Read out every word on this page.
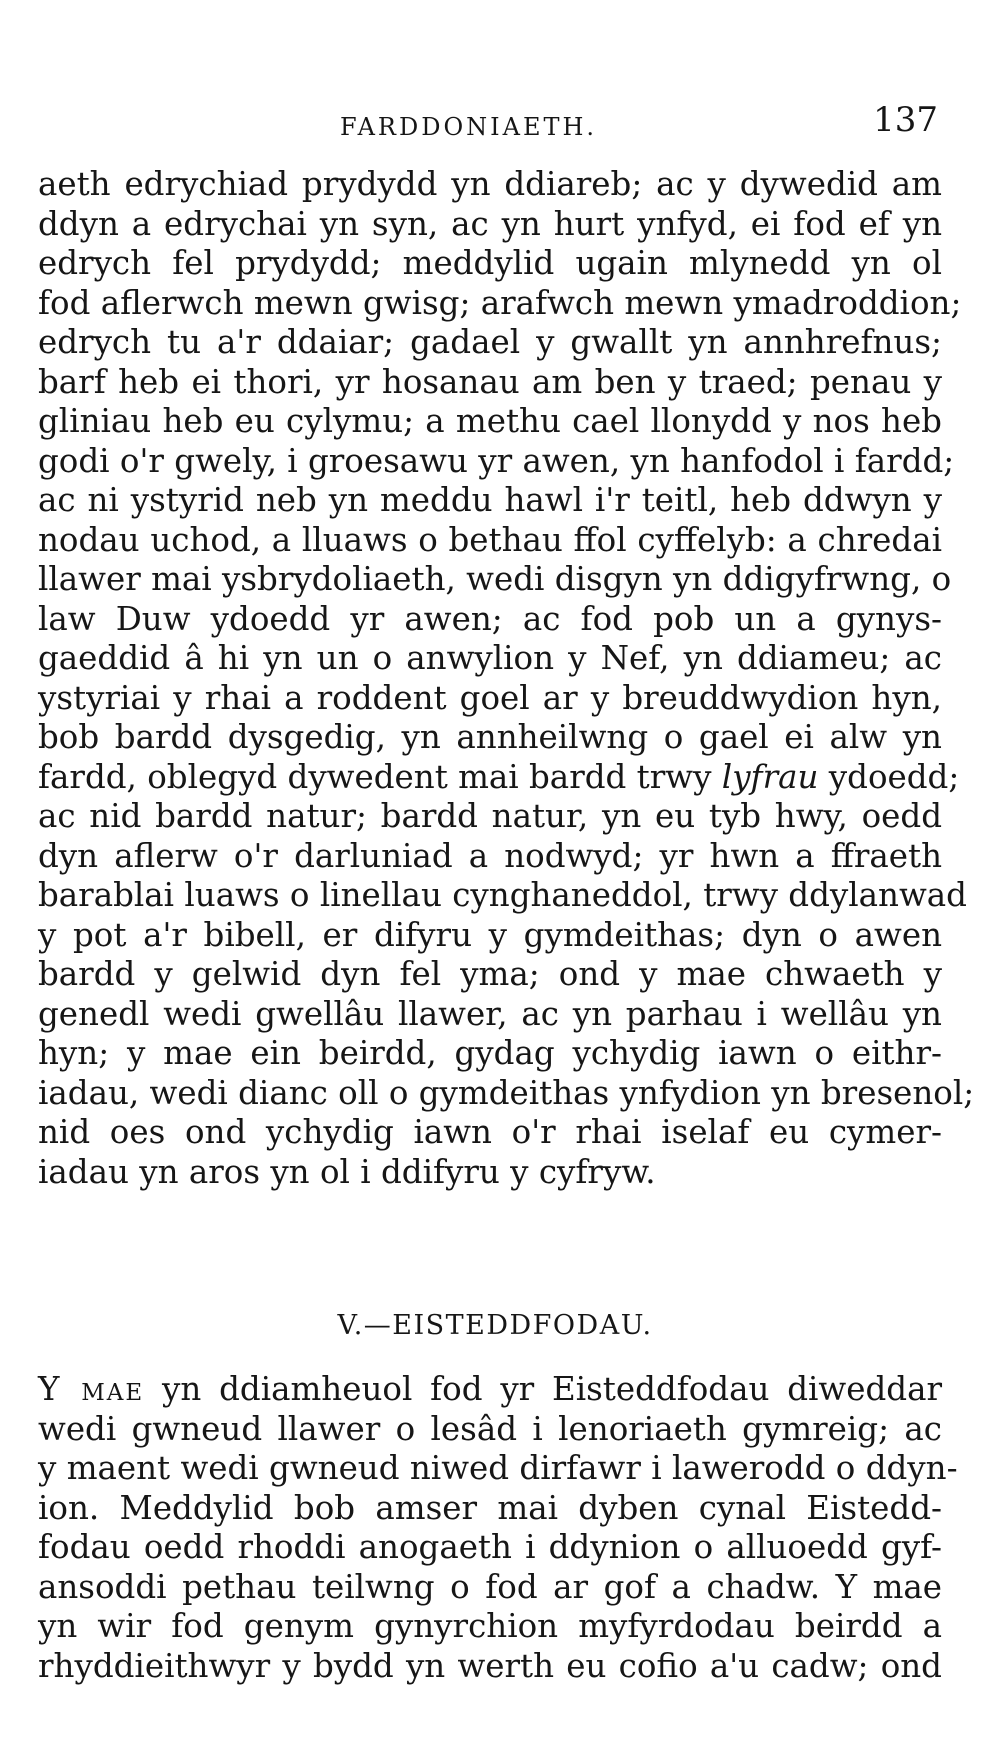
FARDDONIAETH.	137
aeth edrychiad prydydd yn ddiareb; ac y dywedid am
ddyn a edrychai yn syn, ac yn hurt ynfyd, ei fod ef yn
edrych fel prydydd; meddylid ugain mlynedd yn ol
fod aflerwch mewn gwisg; arafwch mewn ymadroddion;
edrych tu a'r ddaiar; gadael y gwallt yn annhrefnus;
barf heb ei thori, yr hosanau am ben y traed; penau y
gliniau heb eu cylymu; a methu cael llonydd y nos heb
godi o'r gwely, i groesawu yr awen, yn hanfodol i fardd;
ac ni ystyrid neb yn meddu hawl i'r teitl, heb ddwyn y
nodau uchod, a lluaws o bethau ffol cyffelyb: a chredai
llawer mai ysbrydoliaeth, wedi disgyn yn ddigyfrwng, o
law Duw ydoedd yr awen; ac fod pob un a gynys-
gaeddid â hi yn un o anwylion y Nef, yn ddiameu; ac
ystyriai y rhai a roddent goel ar y breuddwydion hyn,
bob bardd dysgedig, yn annheilwng o gael ei alw yn
fardd, oblegyd dywedent mai bardd trwy lyfrau ydoedd;
ac nid bardd natur; bardd natur, yn eu tyb hwy, oedd
dyn aflerw o'r darluniad a nodwyd; yr hwn a ffraeth
barablai luaws o linellau cynghaneddol, trwy ddylanwad
y pot a'r bibell, er difyru y gymdeithas; dyn o awen
bardd y gelwid dyn fel yma; ond y mae chwaeth y
genedl wedi gwellâu llawer, ac yn parhau i wellâu yn
hyn; y mae ein beirdd, gydag ychydig iawn o eithr-
iadau, wedi dianc oll o gymdeithas ynfydion yn bresenol;
nid oes ond ychydig iawn o'r rhai iselaf eu cymer-
iadau yn aros yn ol i ddifyru y cyfryw.
V.—EISTEDDFODAU.
Y mae yn ddiamheuol fod yr Eisteddfodau diweddar
wedi gwneud llawer o lesâd i lenoriaeth gymreig; ac
y maent wedi gwneud niwed dirfawr i lawerodd o ddyn-
ion. Meddylid bob amser mai dyben cynal Eistedd-
fodau oedd rhoddi anogaeth i ddynion o alluoedd gyf-
ansoddi pethau teilwng o fod ar gof a chadw. Y mae
yn wir fod genym gynyrchion myfyrdodau beirdd a
rhyddieithwyr y bydd yn werth eu cofio a'u cadw; ond
